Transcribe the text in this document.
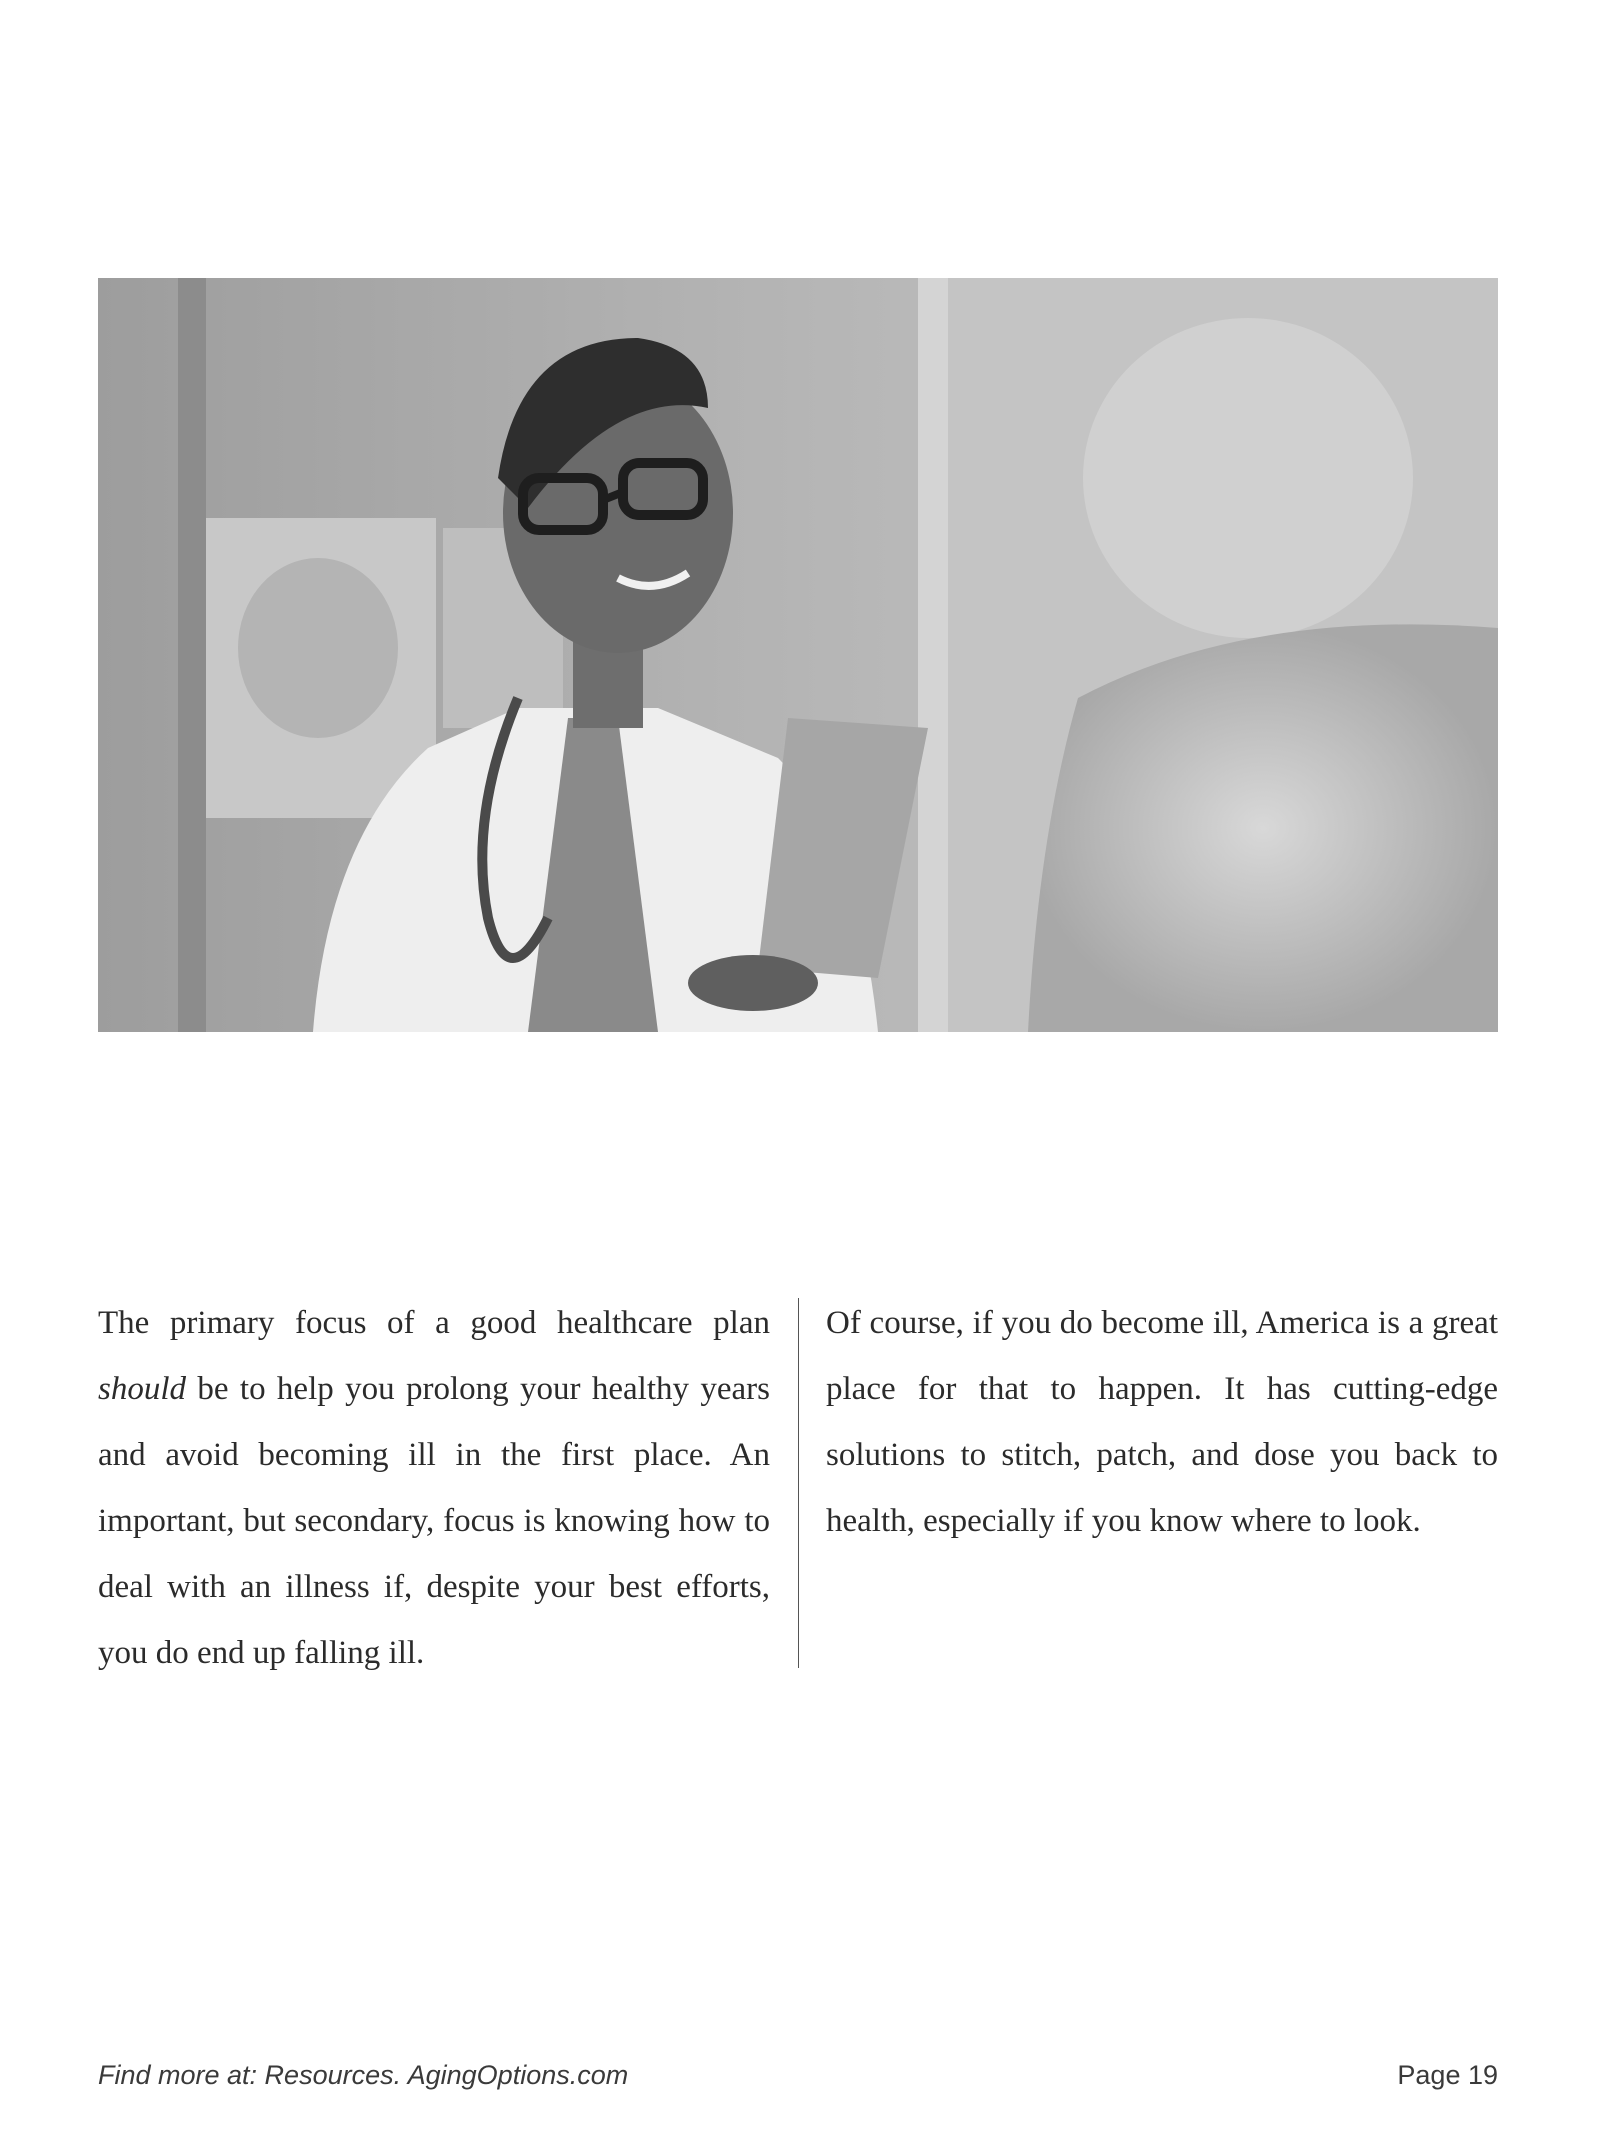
The primary focus of a good healthcare plan should be to help you prolong your healthy years and avoid becoming ill in the first place. An important, but secondary, focus is knowing how to deal with an illness if, despite your best efforts, you do end up falling ill.

Of course, if you do become ill, America is a great place for that to happen. It has cutting-edge solutions to stitch, patch, and dose you back to health, especially if you know where to look.

Find more at: Resources. AgingOptions.com	Page 19
